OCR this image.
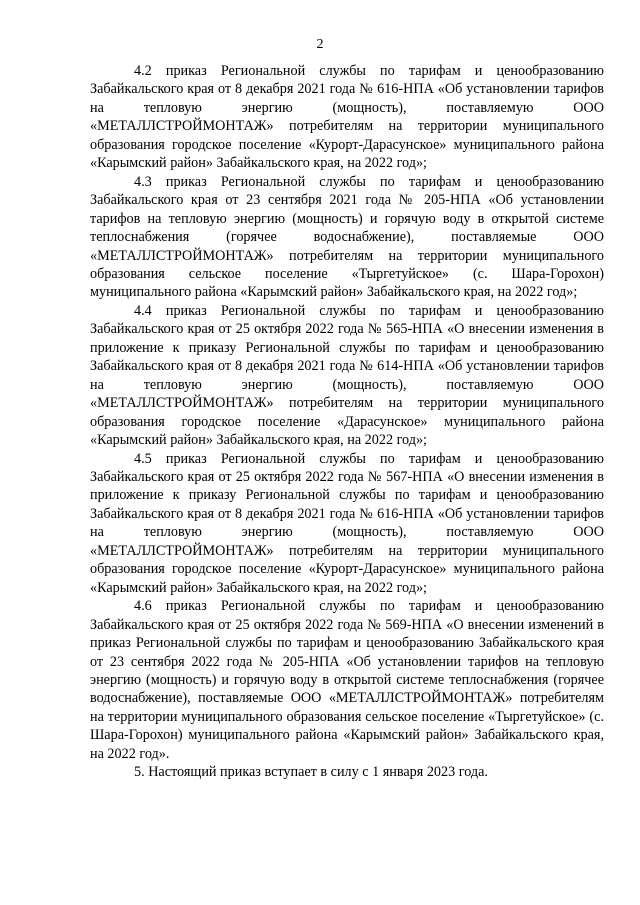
2

4.2 приказ Региональной службы по тарифам и ценообразованию Забайкальского края от 8 декабря 2021 года № 616-НПА «Об установлении тарифов на тепловую энергию (мощность), поставляемую ООО «МЕТАЛЛСТРОЙМОНТАЖ» потребителям на территории муниципального образования городское поселение «Курорт-Дарасунское» муниципального района «Карымский район» Забайкальского края, на 2022 год»;

4.3 приказ Региональной службы по тарифам и ценообразованию Забайкальского края от 23 сентября 2021 года № 205-НПА «Об установлении тарифов на тепловую энергию (мощность) и горячую воду в открытой системе теплоснабжения (горячее водоснабжение), поставляемые ООО «МЕТАЛЛСТРОЙМОНТАЖ» потребителям на территории муниципального образования сельское поселение «Тыргетуйское» (с. Шара-Горохон) муниципального района «Карымский район» Забайкальского края, на 2022 год»;

4.4 приказ Региональной службы по тарифам и ценообразованию Забайкальского края от 25 октября 2022 года № 565-НПА «О внесении изменения в приложение к приказу Региональной службы по тарифам и ценообразованию Забайкальского края от 8 декабря 2021 года № 614-НПА «Об установлении тарифов на тепловую энергию (мощность), поставляемую ООО «МЕТАЛЛСТРОЙМОНТАЖ» потребителям на территории муниципального образования городское поселение «Дарасунское» муниципального района «Карымский район» Забайкальского края, на 2022 год»;

4.5 приказ Региональной службы по тарифам и ценообразованию Забайкальского края от 25 октября 2022 года № 567-НПА «О внесении изменения в приложение к приказу Региональной службы по тарифам и ценообразованию Забайкальского края от 8 декабря 2021 года № 616-НПА «Об установлении тарифов на тепловую энергию (мощность), поставляемую ООО «МЕТАЛЛСТРОЙМОНТАЖ» потребителям на территории муниципального образования городское поселение «Курорт-Дарасунское» муниципального района «Карымский район» Забайкальского края, на 2022 год»;

4.6 приказ Региональной службы по тарифам и ценообразованию Забайкальского края от 25 октября 2022 года № 569-НПА «О внесении изменений в приказ Региональной службы по тарифам и ценообразованию Забайкальского края от 23 сентября 2022 года № 205-НПА «Об установлении тарифов на тепловую энергию (мощность) и горячую воду в открытой системе теплоснабжения (горячее водоснабжение), поставляемые ООО «МЕТАЛЛСТРОЙМОНТАЖ» потребителям на территории муниципального образования сельское поселение «Тыргетуйское» (с. Шара-Горохон) муниципального района «Карымский район» Забайкальского края, на 2022 год».

5. Настоящий приказ вступает в силу с 1 января 2023 года.
